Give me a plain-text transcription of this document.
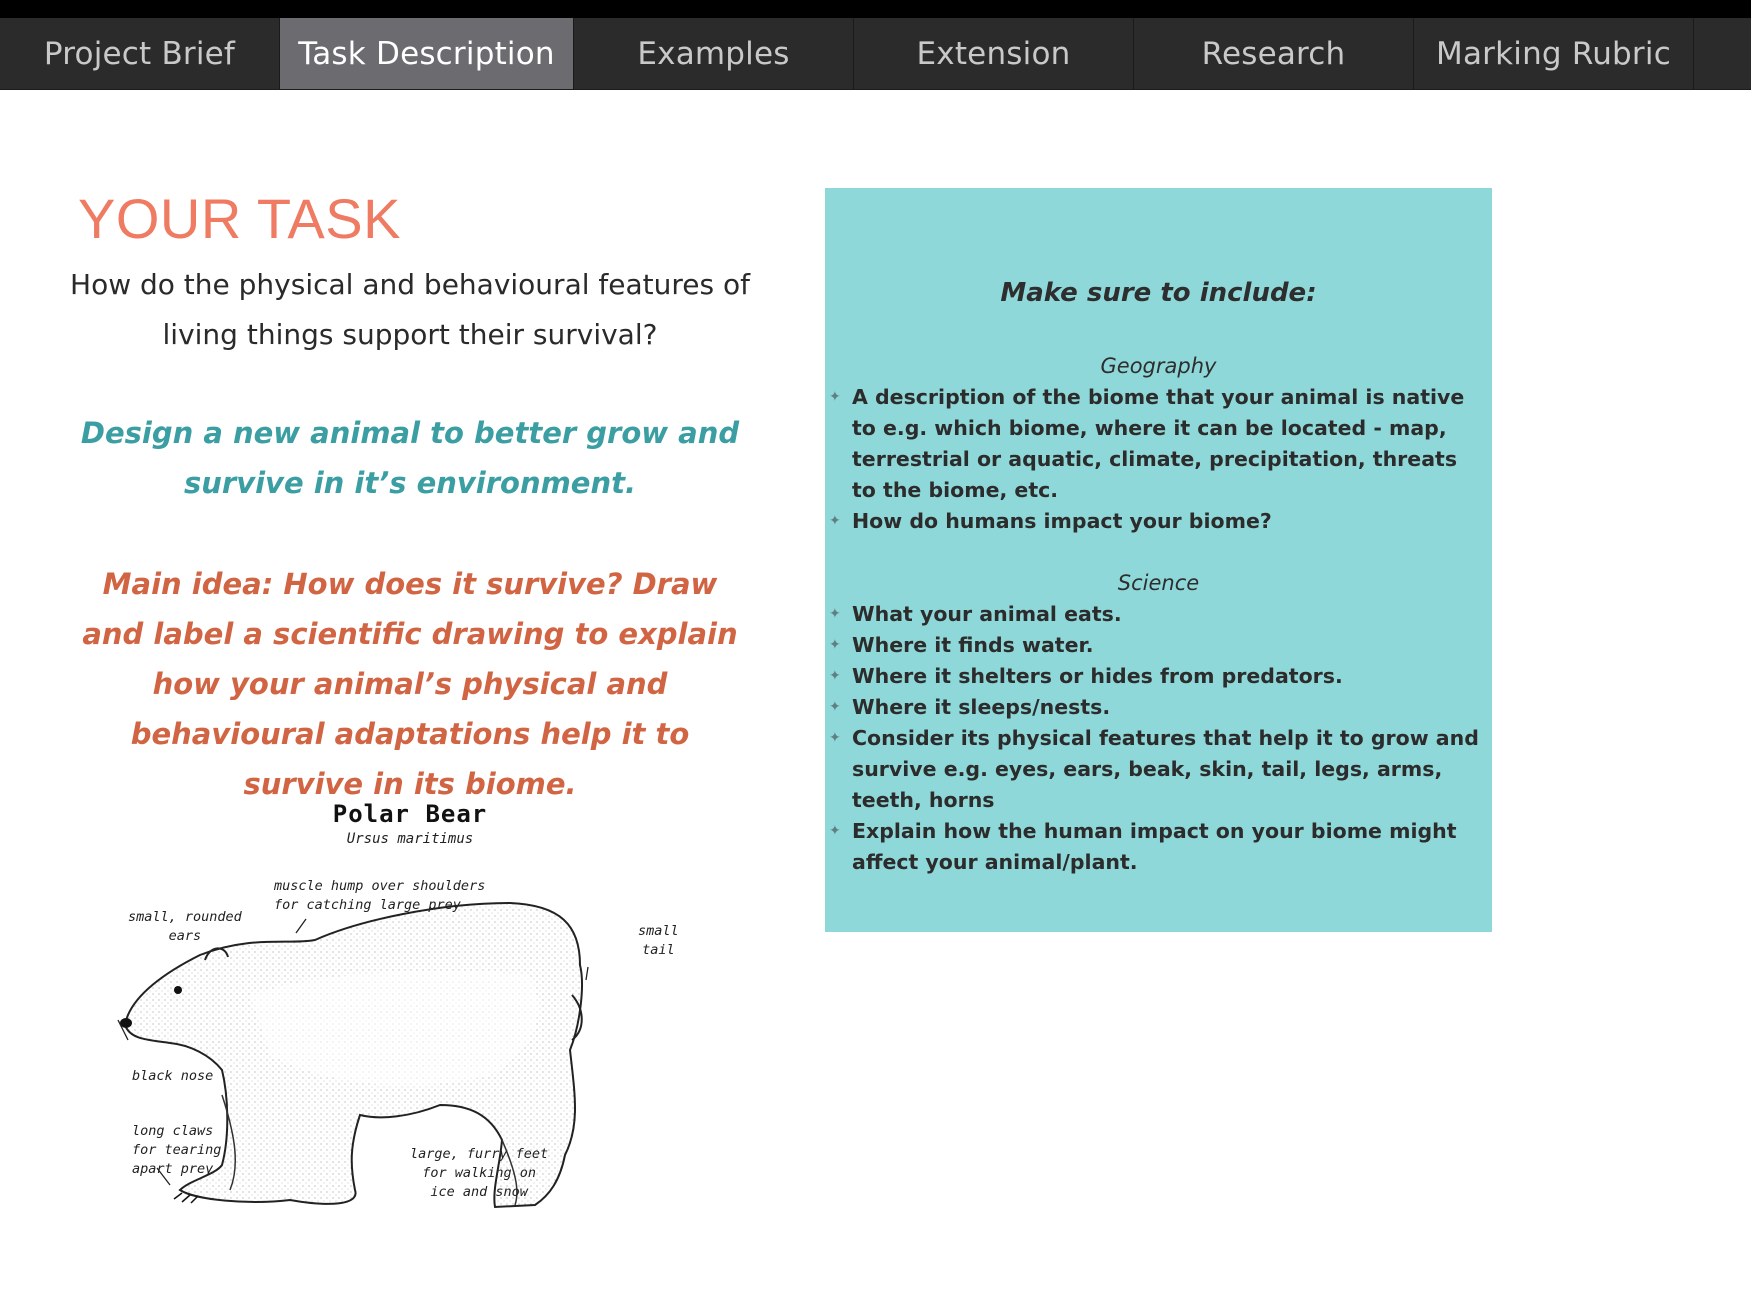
Project Brief	Task Description	Examples	Extension	Research	Marking Rubric
YOUR TASK
How do the physical and behavioural features of living things support their survival?
Design a new animal to better grow and survive in it’s environment.
Main idea: How does it survive? Draw and label a scientific drawing to explain how your animal’s physical and behavioural adaptations help it to survive in its biome.
Polar Bear
Ursus maritimus
muscle hump over shoulders
for catching large prey
small, rounded
ears	small
tail
black nose
long claws
for tearing
apart prey
large, furry feet
for walking on
ice and snow
Make sure to include:

Geography

✦ A description of the biome that your animal is native to e.g. which biome, where it can be located - map, terrestrial or aquatic, climate, precipitation, threats to the biome, etc.
✦ How do humans impact your biome?

Science

✦ What your animal eats.
✦ Where it finds water.
✦ Where it shelters or hides from predators.
✦ Where it sleeps/nests.
✦ Consider its physical features that help it to grow and survive e.g. eyes, ears, beak, skin, tail, legs, arms, teeth, horns
✦ Explain how the human impact on your biome might affect your animal/plant.
